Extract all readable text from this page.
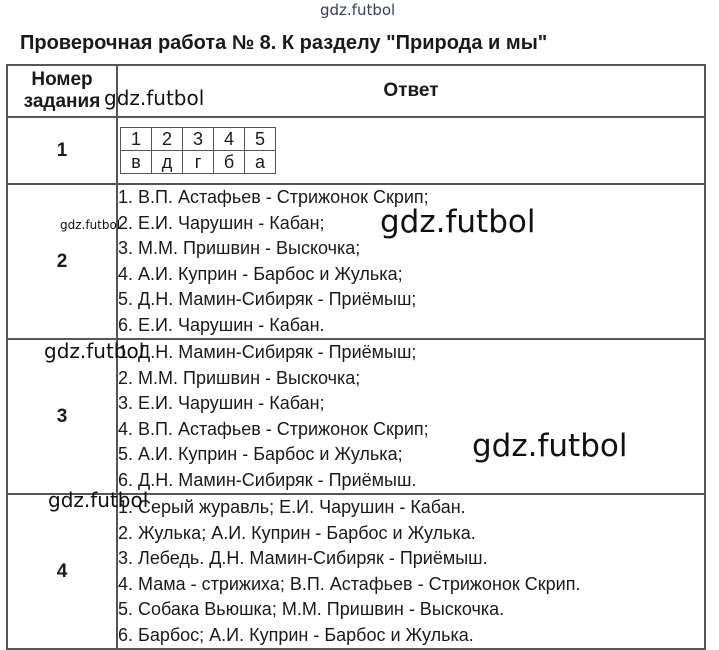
Проверочная работа № 8. К разделу "Природа и мы"
Номер
задания
	Ответ
1	
1	2	3	4	5
в	д	г	б	а

2	
1. В.П. Астафьев - Стрижонок Скрип;
2. Е.И. Чарушин - Кабан;
3. М.М. Пришвин - Выскочка;
4. А.И. Куприн - Барбос и Жулька;
5. Д.Н. Мамин-Сибиряк - Приёмыш;
6. Е.И. Чарушин - Кабан.

3	
1. Д.Н. Мамин-Сибиряк - Приёмыш;
2. М.М. Пришвин - Выскочка;
3. Е.И. Чарушин - Кабан;
4. В.П. Астафьев - Стрижонок Скрип;
5. А.И. Куприн - Барбос и Жулька;
6. Д.Н. Мамин-Сибиряк - Приёмыш.

4	
1. Серый журавль; Е.И. Чарушин - Кабан.
2. Жулька; А.И. Куприн - Барбос и Жулька.
3. Лебедь. Д.Н. Мамин-Сибиряк - Приёмыш.
4. Мама - стрижиха; В.П. Астафьев - Стрижонок Скрип.
5. Собака Вьюшка; М.М. Пришвин - Выскочка.
6. Барбос; А.И. Куприн - Барбос и Жулька.
gdz.futbol
gdz.futbol
gdz.futbol	gdz.futbol
gdz.futbol
gdz.futbol
gdz.futbol
